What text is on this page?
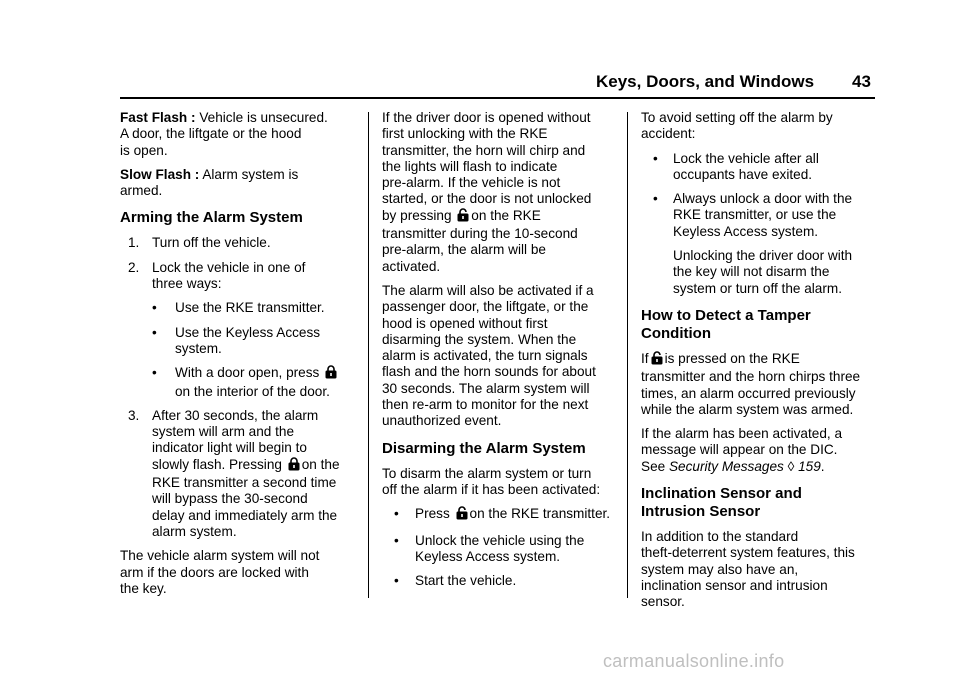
Keys, Doors, and Windows 43

Fast Flash : Vehicle is unsecured.
A door, the liftgate or the hood
is open.

Slow Flash : Alarm system is
armed.

Arming the Alarm System
1. Turn off the vehicle.
2. Lock the vehicle in one of
three ways:
• Use the RKE transmitter.
• Use the Keyless Access
system.
• With a door open, press
on the interior of the door.
3. After 30 seconds, the alarm
system will arm and the
indicator light will begin to
slowly flash. Pressing on the
RKE transmitter a second time
will bypass the 30-second
delay and immediately arm the
alarm system.

The vehicle alarm system will not
arm if the doors are locked with
the key.

If the driver door is opened without
first unlocking with the RKE
transmitter, the horn will chirp and
the lights will flash to indicate
pre-alarm. If the vehicle is not
started, or the door is not unlocked
by pressing on the RKE
transmitter during the 10-second
pre-alarm, the alarm will be
activated.

The alarm will also be activated if a
passenger door, the liftgate, or the
hood is opened without first
disarming the system. When the
alarm is activated, the turn signals
flash and the horn sounds for about
30 seconds. The alarm system will
then re-arm to monitor for the next
unauthorized event.

Disarming the Alarm System

To disarm the alarm system or turn
off the alarm if it has been activated:

• Press on the RKE transmitter.
• Unlock the vehicle using the
Keyless Access system.
• Start the vehicle.

To avoid setting off the alarm by
accident:

• Lock the vehicle after all
occupants have exited.
• Always unlock a door with the
RKE transmitter, or use the
Keyless Access system.

Unlocking the driver door with
the key will not disarm the
system or turn off the alarm.

How to Detect a Tamper
Condition

If is pressed on the RKE
transmitter and the horn chirps three
times, an alarm occurred previously
while the alarm system was armed.

If the alarm has been activated, a
message will appear on the DIC.
See Security Messages ◊ 159.

Inclination Sensor and
Intrusion Sensor

In addition to the standard
theft-deterrent system features, this
system may also have an,
inclination sensor and intrusion
sensor.

carmanualsonline.info
